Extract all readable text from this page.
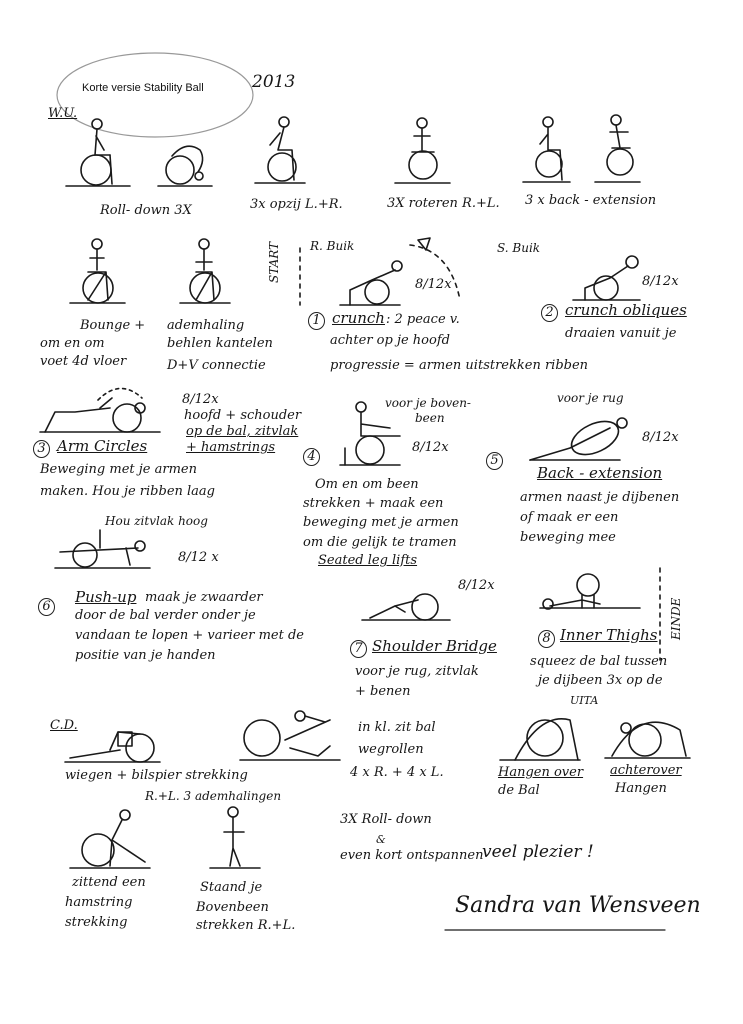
Korte versie Stability Ball	2013
W.U.
Roll- down 3X	3x opzij L.+R.	3X roteren R.+L. 3 x back - extension
Bounge +
om en om
voet 4d vloer
ademhaling
behlen kantelen
D+V connectie
START R. Buik	S. Buik
1 crunch : 2 peace v.
achter op je hoofd
8/12x
progressie = armen uitstrekken ribben
2 crunch obliques
draaien vanuit je
8/12x
3 Arm Circles
8/12x
hoofd + schouder
op de bal, zitvlak
+ hamstrings
Beweging met je armen
maken. Hou je ribben laag
Hou zitvlak hoog
4
voor je boven-
been
8/12x
Om en om been
strekken + maak een
beweging met je armen
om die gelijk te tramen
Seated leg lifts
5
voor je rug
8/12x
Back - extension
armen naast je dijbenen
of maak er een
beweging mee
6
8/12 x
Push-up maak je zwaarder
door de bal verder onder je
vandaan te lopen + varieer met de
positie van je handen	7 Shoulder Bridge
8/12x
voor je rug, zitvlak
+ benen
8 Inner Thighs
squeez de bal tussen
je dijbeen 3x op de
UITA
EINDE
C.D.
wiegen + bilspier strekking
R.+L. 3 ademhalingen
in kl. zit bal
wegrollen
4 x R. + 4 x L.	Hangen over
de Bal
achterover
Hangen
zittend een
hamstring
strekking
Staand je
Bovenbeen
strekken R.+L.
3X Roll- down
&
even kort ontspannen
veel plezier !
Sandra van Wensveen
